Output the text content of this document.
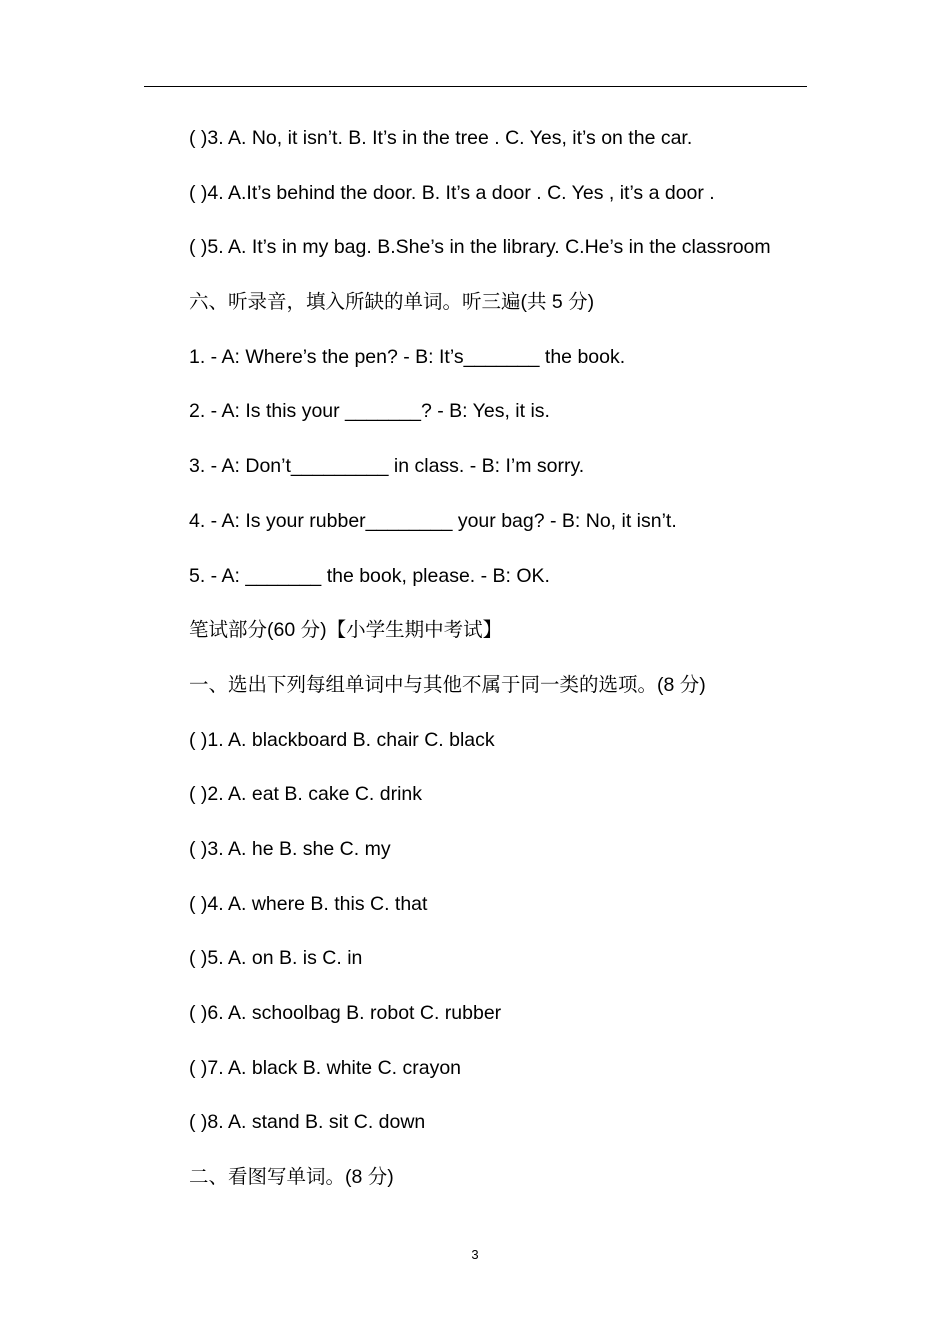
( )3. A. No, it isn’t. B. It’s in the tree . C. Yes, it’s on the car.
( )4. A.It’s behind the door. B. It’s a door . C. Yes , it’s a door .
( )5. A. It’s in my bag. B.She’s in the library. C.He’s in the classroom
六、听录音，填入所缺的单词。听三遍(共 5 分)
1. - A: Where’s the pen? - B: It’s_______ the book.
2. - A: Is this your _______? - B: Yes, it is.
3. - A: Don’t_________ in class. - B: I’m sorry.
4. - A: Is your rubber________ your bag? - B: No, it isn’t.
5. - A: _______ the book, please. - B: OK.
笔试部分(60 分)【小学生期中考试】
一、选出下列每组单词中与其他不属于同一类的选项。(8 分)
( )1. A. blackboard B. chair C. black
( )2. A. eat B. cake C. drink
( )3. A. he B. she C. my
( )4. A. where B. this C. that
( )5. A. on B. is C. in
( )6. A. schoolbag B. robot C. rubber
( )7. A. black B. white C. crayon
( )8. A. stand B. sit C. down
二、看图写单词。(8 分)
3
